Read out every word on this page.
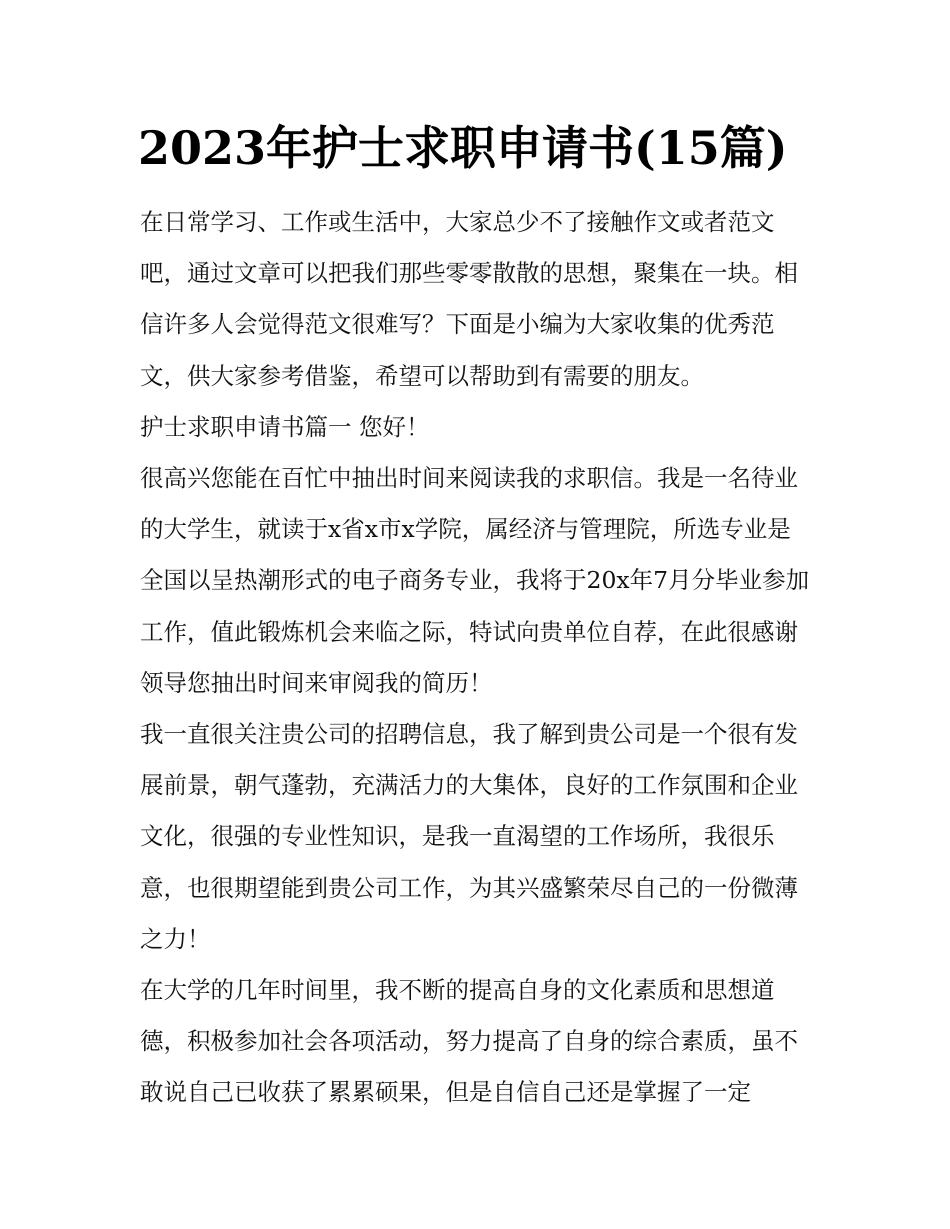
2023年护士求职申请书(15篇)

在日常学习、工作或生活中，大家总少不了接触作文或者范文吧，通过文章可以把我们那些零零散散的思想，聚集在一块。相信许多人会觉得范文很难写？下面是小编为大家收集的优秀范文，供大家参考借鉴，希望可以帮助到有需要的朋友。

护士求职申请书篇一 您好！

很高兴您能在百忙中抽出时间来阅读我的求职信。我是一名待业的大学生，就读于x省x市x学院，属经济与管理院，所选专业是全国以呈热潮形式的电子商务专业，我将于20x年7月分毕业参加工作，值此锻炼机会来临之际，特试向贵单位自荐，在此很感谢领导您抽出时间来审阅我的简历！

我一直很关注贵公司的招聘信息，我了解到贵公司是一个很有发展前景，朝气蓬勃，充满活力的大集体，良好的工作氛围和企业文化，很强的专业性知识，是我一直渴望的工作场所，我很乐意，也很期望能到贵公司工作，为其兴盛繁荣尽自己的一份微薄之力！

在大学的几年时间里，我不断的提高自身的文化素质和思想道德，积极参加社会各项活动，努力提高了自身的综合素质，虽不敢说自己已收获了累累硕果，但是自信自己还是掌握了一定
